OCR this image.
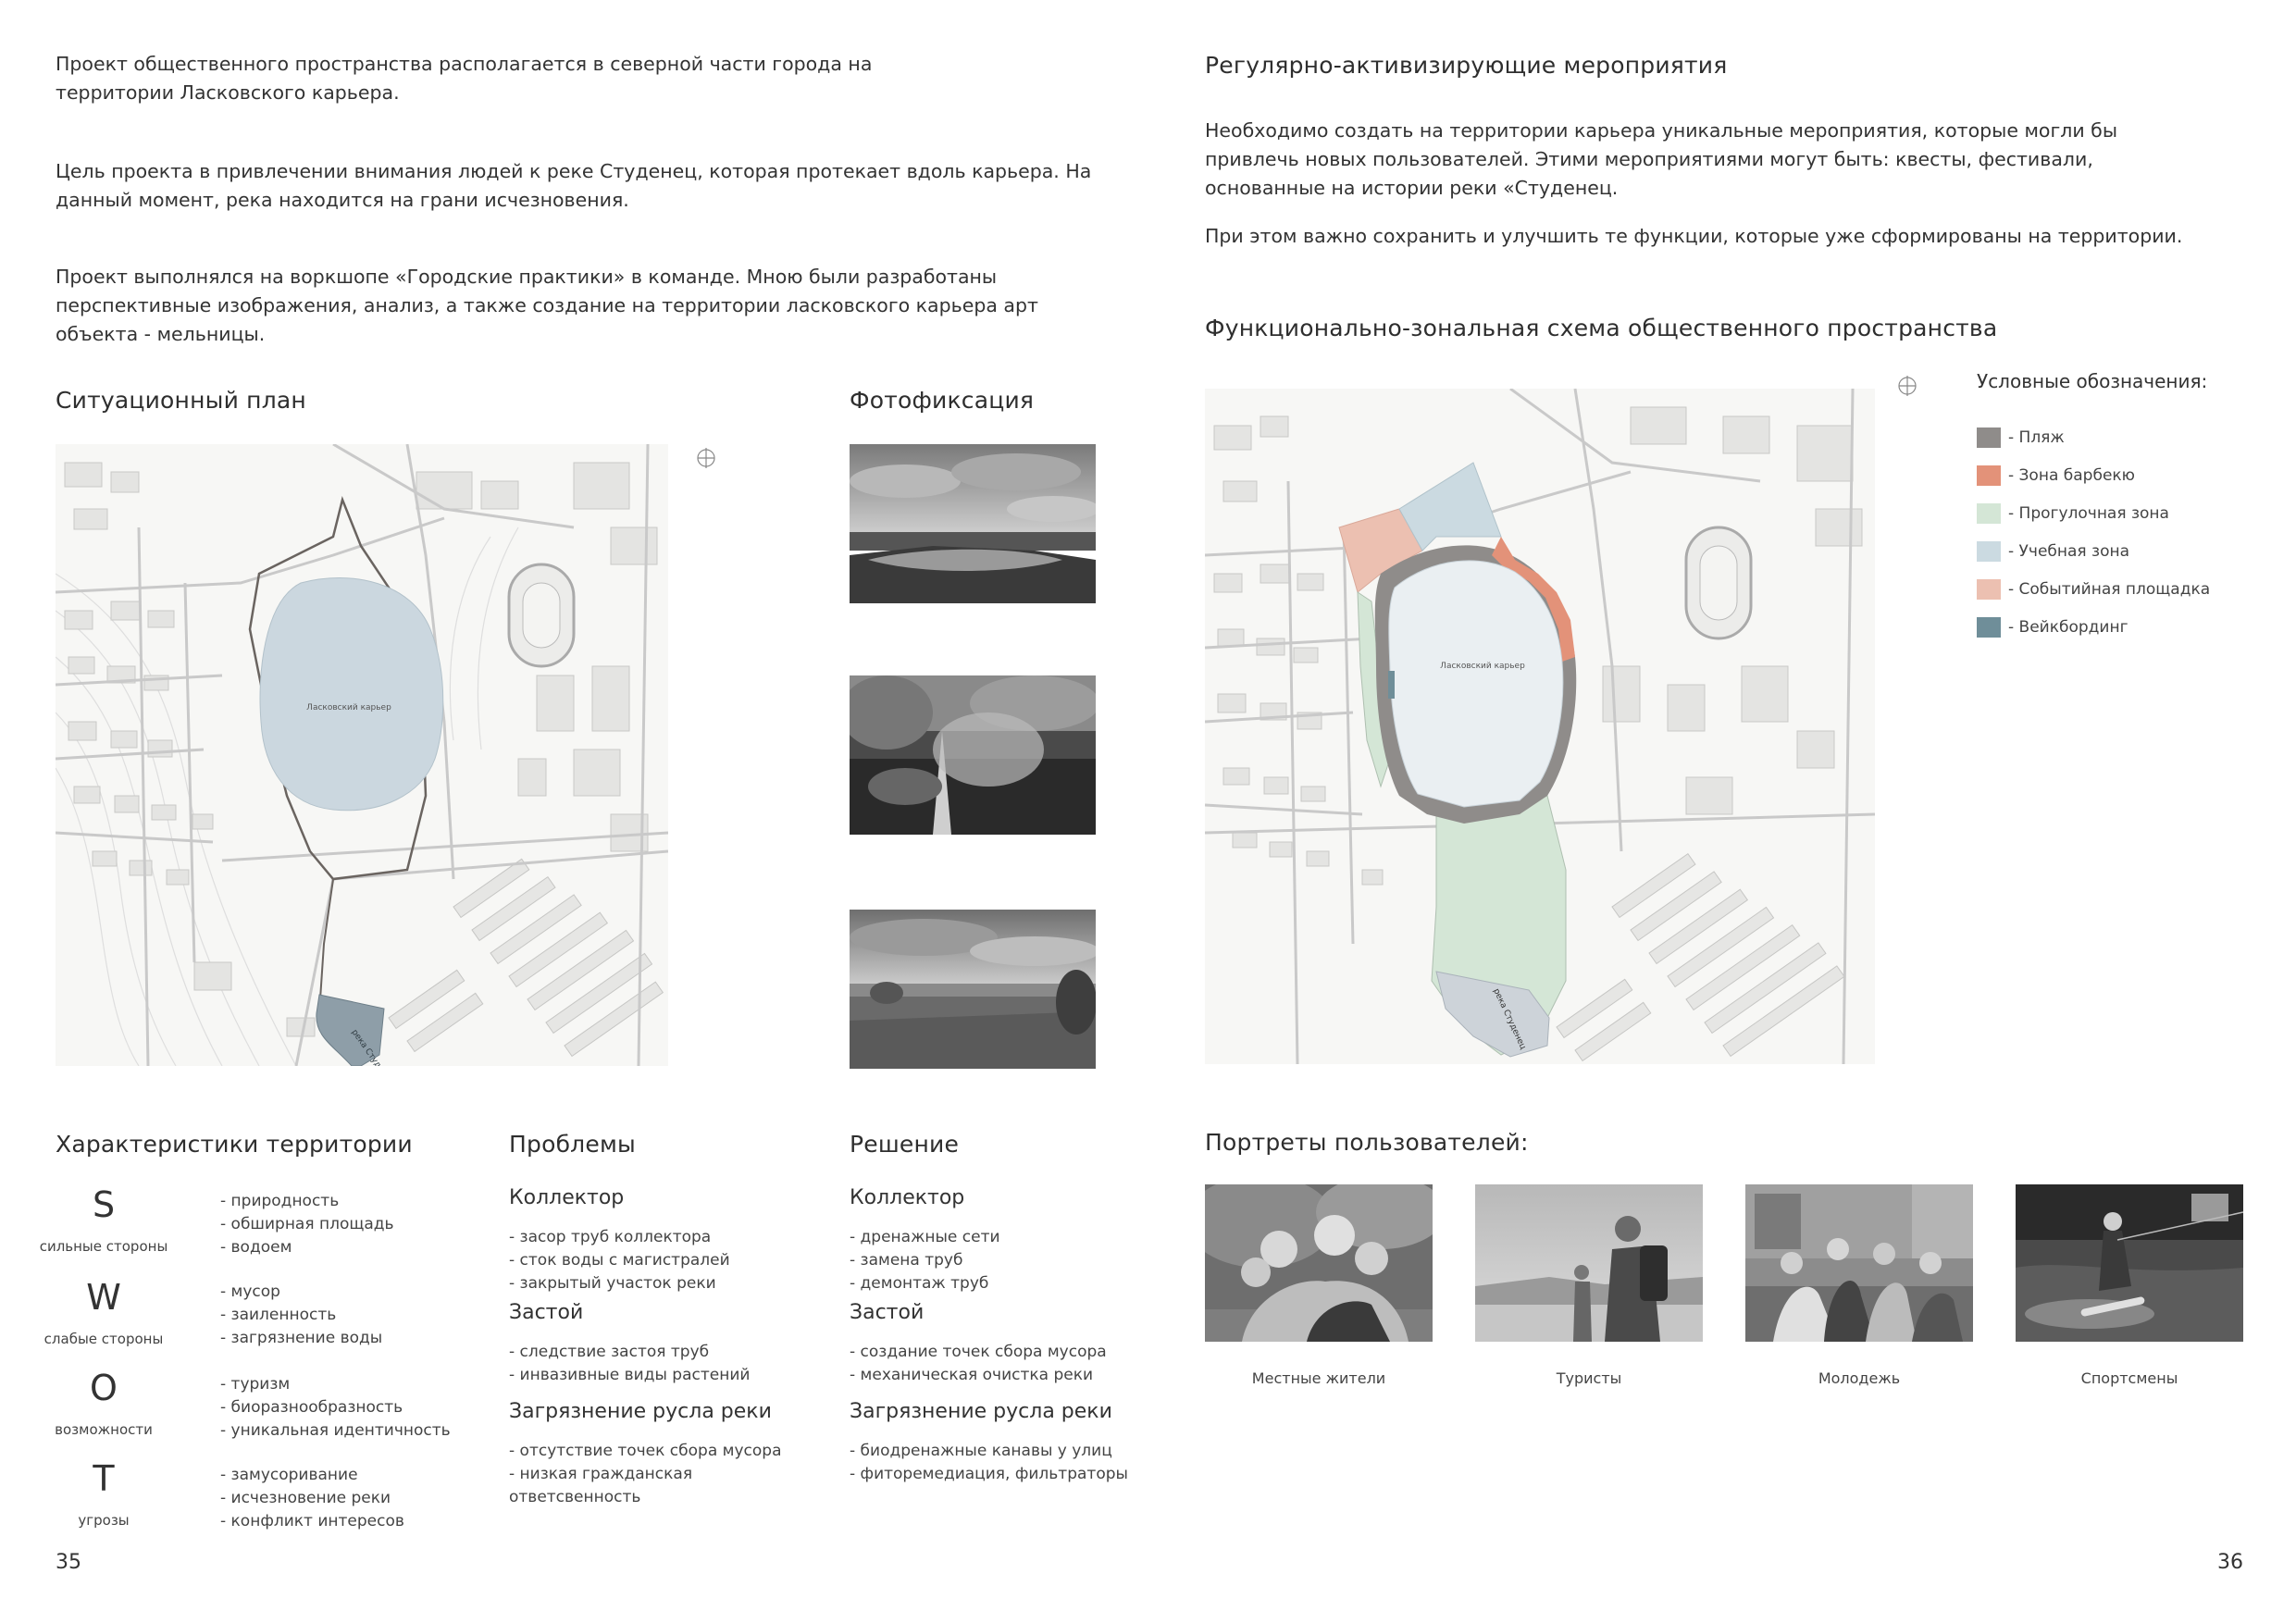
Проект общественного пространства располагается в северной части города на территории Ласковского карьера.
Цель проекта в привлечении внимания людей к реке Студенец, которая протекает вдоль карьера. На данный момент, река находится на грани исчезновения.
Проект выполнялся на воркшопе «Городские практики» в команде. Мною были разработаны перспективные изображения, анализ, а также создание на территории ласковского карьера арт объекта - мельницы.
Ситуационный план	Фотофиксация
Ласковский карьер
река
Характеристики территории
S
сильные стороны
- природность
- обширная площадь
- водоем
W
слабые стороны
- мусор
- заиленность
- загрязнение воды
O
возможности
- туризм
- биоразнообразность
- уникальная идентичность
T
угрозы
- замусоривание
- исчезновение реки
- конфликт интересов
Проблемы
Коллектор
- засор труб коллектора
- сток воды с магистралей
- закрытый участок реки
Застой
- следствие застоя труб
- инвазивные виды растений
Загрязнение русла реки
- отсутствие точек сбора мусора
- низкая гражданская ответсвенность
Решение
Коллектор
- дренажные сети
- замена труб
- демонтаж труб
Застой
- создание точек сбора мусора
- механическая очистка реки
Загрязнение русла реки
- биодренажные канавы у улиц
- фиторемедиация, фильтраторы
35
Регулярно-активизирующие мероприятия
Необходимо создать на территории карьера уникальные мероприятия, которые могли бы привлечь новых пользователей. Этими мероприятиями могут быть: квесты, фестивали, основанные на истории реки «Студенец.
При этом важно сохранить и улучшить те функции, которые уже сформированы на территории.
Функционально-зональная схема общественного пространства
Ласковский карьер
река Студенец
Условные обозначения:
- Пляж
- Зона барбекю
- Прогулочная зона
- Учебная зона
- Событийная площадка
- Вейкбординг
Портреты пользователей:
Местные жители	Туристы	Молодежь	Спортсмены
36
